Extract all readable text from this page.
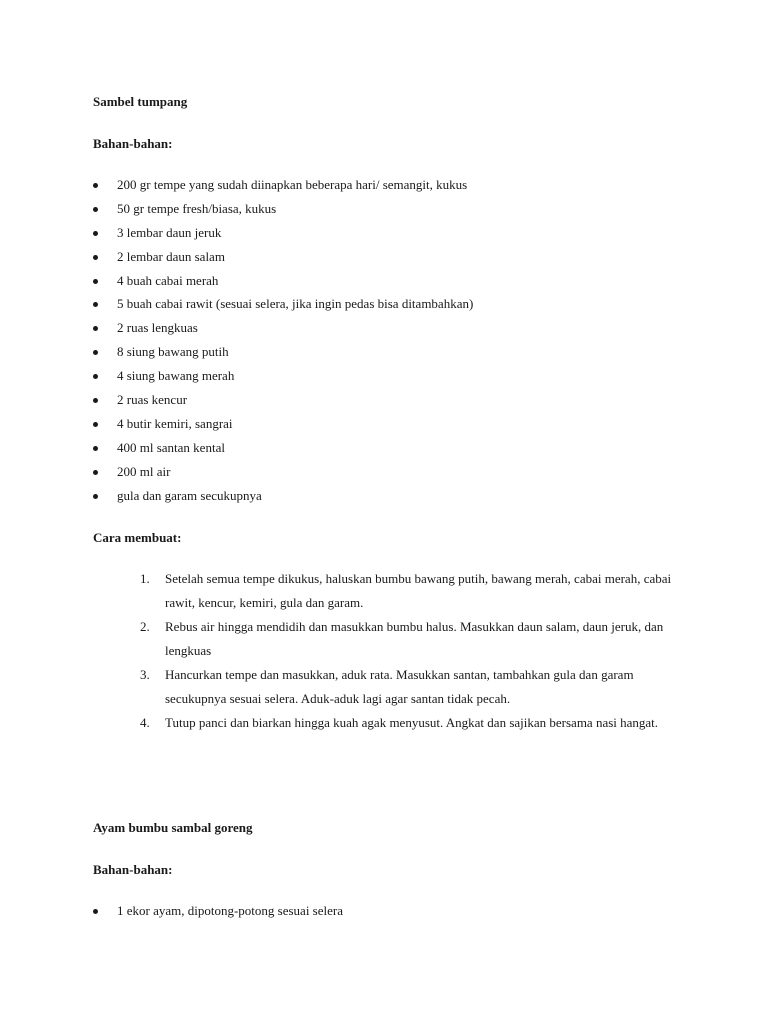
Sambel tumpang
Bahan-bahan:
200 gr tempe yang sudah diinapkan beberapa hari/ semangit, kukus
50 gr tempe fresh/biasa, kukus
3 lembar daun jeruk
2 lembar daun salam
4 buah cabai merah
5 buah cabai rawit (sesuai selera, jika ingin pedas bisa ditambahkan)
2 ruas lengkuas
8 siung bawang putih
4 siung bawang merah
2 ruas kencur
4 butir kemiri, sangrai
400 ml santan kental
200 ml air
gula dan garam secukupnya
Cara membuat:
1. Setelah semua tempe dikukus, haluskan bumbu bawang putih, bawang merah, cabai merah, cabai rawit, kencur, kemiri, gula dan garam.
2. Rebus air hingga mendidih dan masukkan bumbu halus. Masukkan daun salam, daun jeruk, dan lengkuas
3. Hancurkan tempe dan masukkan, aduk rata. Masukkan santan, tambahkan gula dan garam secukupnya sesuai selera. Aduk-aduk lagi agar santan tidak pecah.
4. Tutup panci dan biarkan hingga kuah agak menyusut. Angkat dan sajikan bersama nasi hangat.
Ayam bumbu sambal goreng
Bahan-bahan:
1 ekor ayam, dipotong-potong sesuai selera
